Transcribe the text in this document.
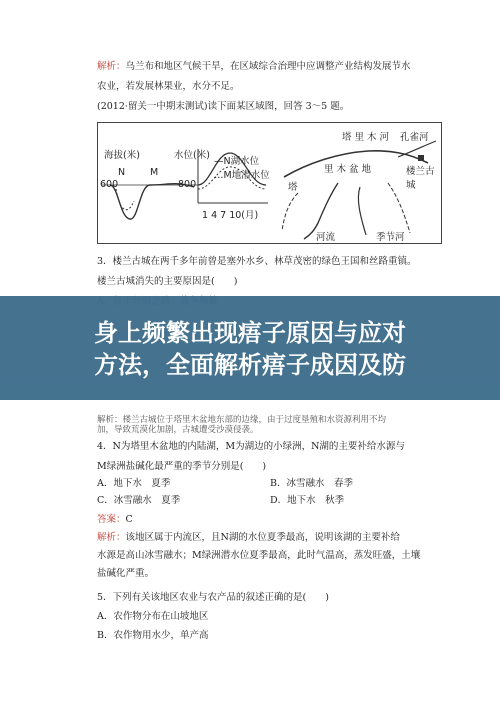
解析：乌兰布和地区气候干旱，在区域综合治理中应调整产业结构发展节水
农业，若发展林果业，水分不足。
(2012·留关一中期末测试)读下面某区域图，回答 3～5 题。
海拔(米)	水位(米)
N	M
600	800
—N湖水位
…M地潜水位
1 4 7 10(月)
塔 里 木 河 孔雀河
楼兰古城
里 木 盆 地
塔
河流	季节河
3．楼兰古城在两千多年前曾是塞外水乡、林草茂密的绿色王国和丝路重镇。
楼兰古城消失的主要原因是(　　)
身上频繁出现痦子原因与应对
方法，全面解析痦子成因及防
解析：楼兰古城位于塔里木盆地东部的边缘，由于过度垦殖和水资源利用不均
加，导致荒漠化加剧，古城遭受沙漠侵袭。
4．N为塔里木盆地的内陆湖，M为湖边的小绿洲，N湖的主要补给水源与
M绿洲盐碱化最严重的季节分别是(　　)
A．地下水　夏季	B．冰雪融水　春季
C．冰雪融水　夏季	D．地下水　秋季
答案：C
解析：该地区属于内流区，且N湖的水位夏季最高，说明该湖的主要补给
水源是高山冰雪融水；M绿洲潜水位夏季最高，此时气温高，蒸发旺盛，土壤
盐碱化严重。
5．下列有关该地区农业与农产品的叙述正确的是(　　)
A．农作物分布在山坡地区
B．农作物用水少，单产高
